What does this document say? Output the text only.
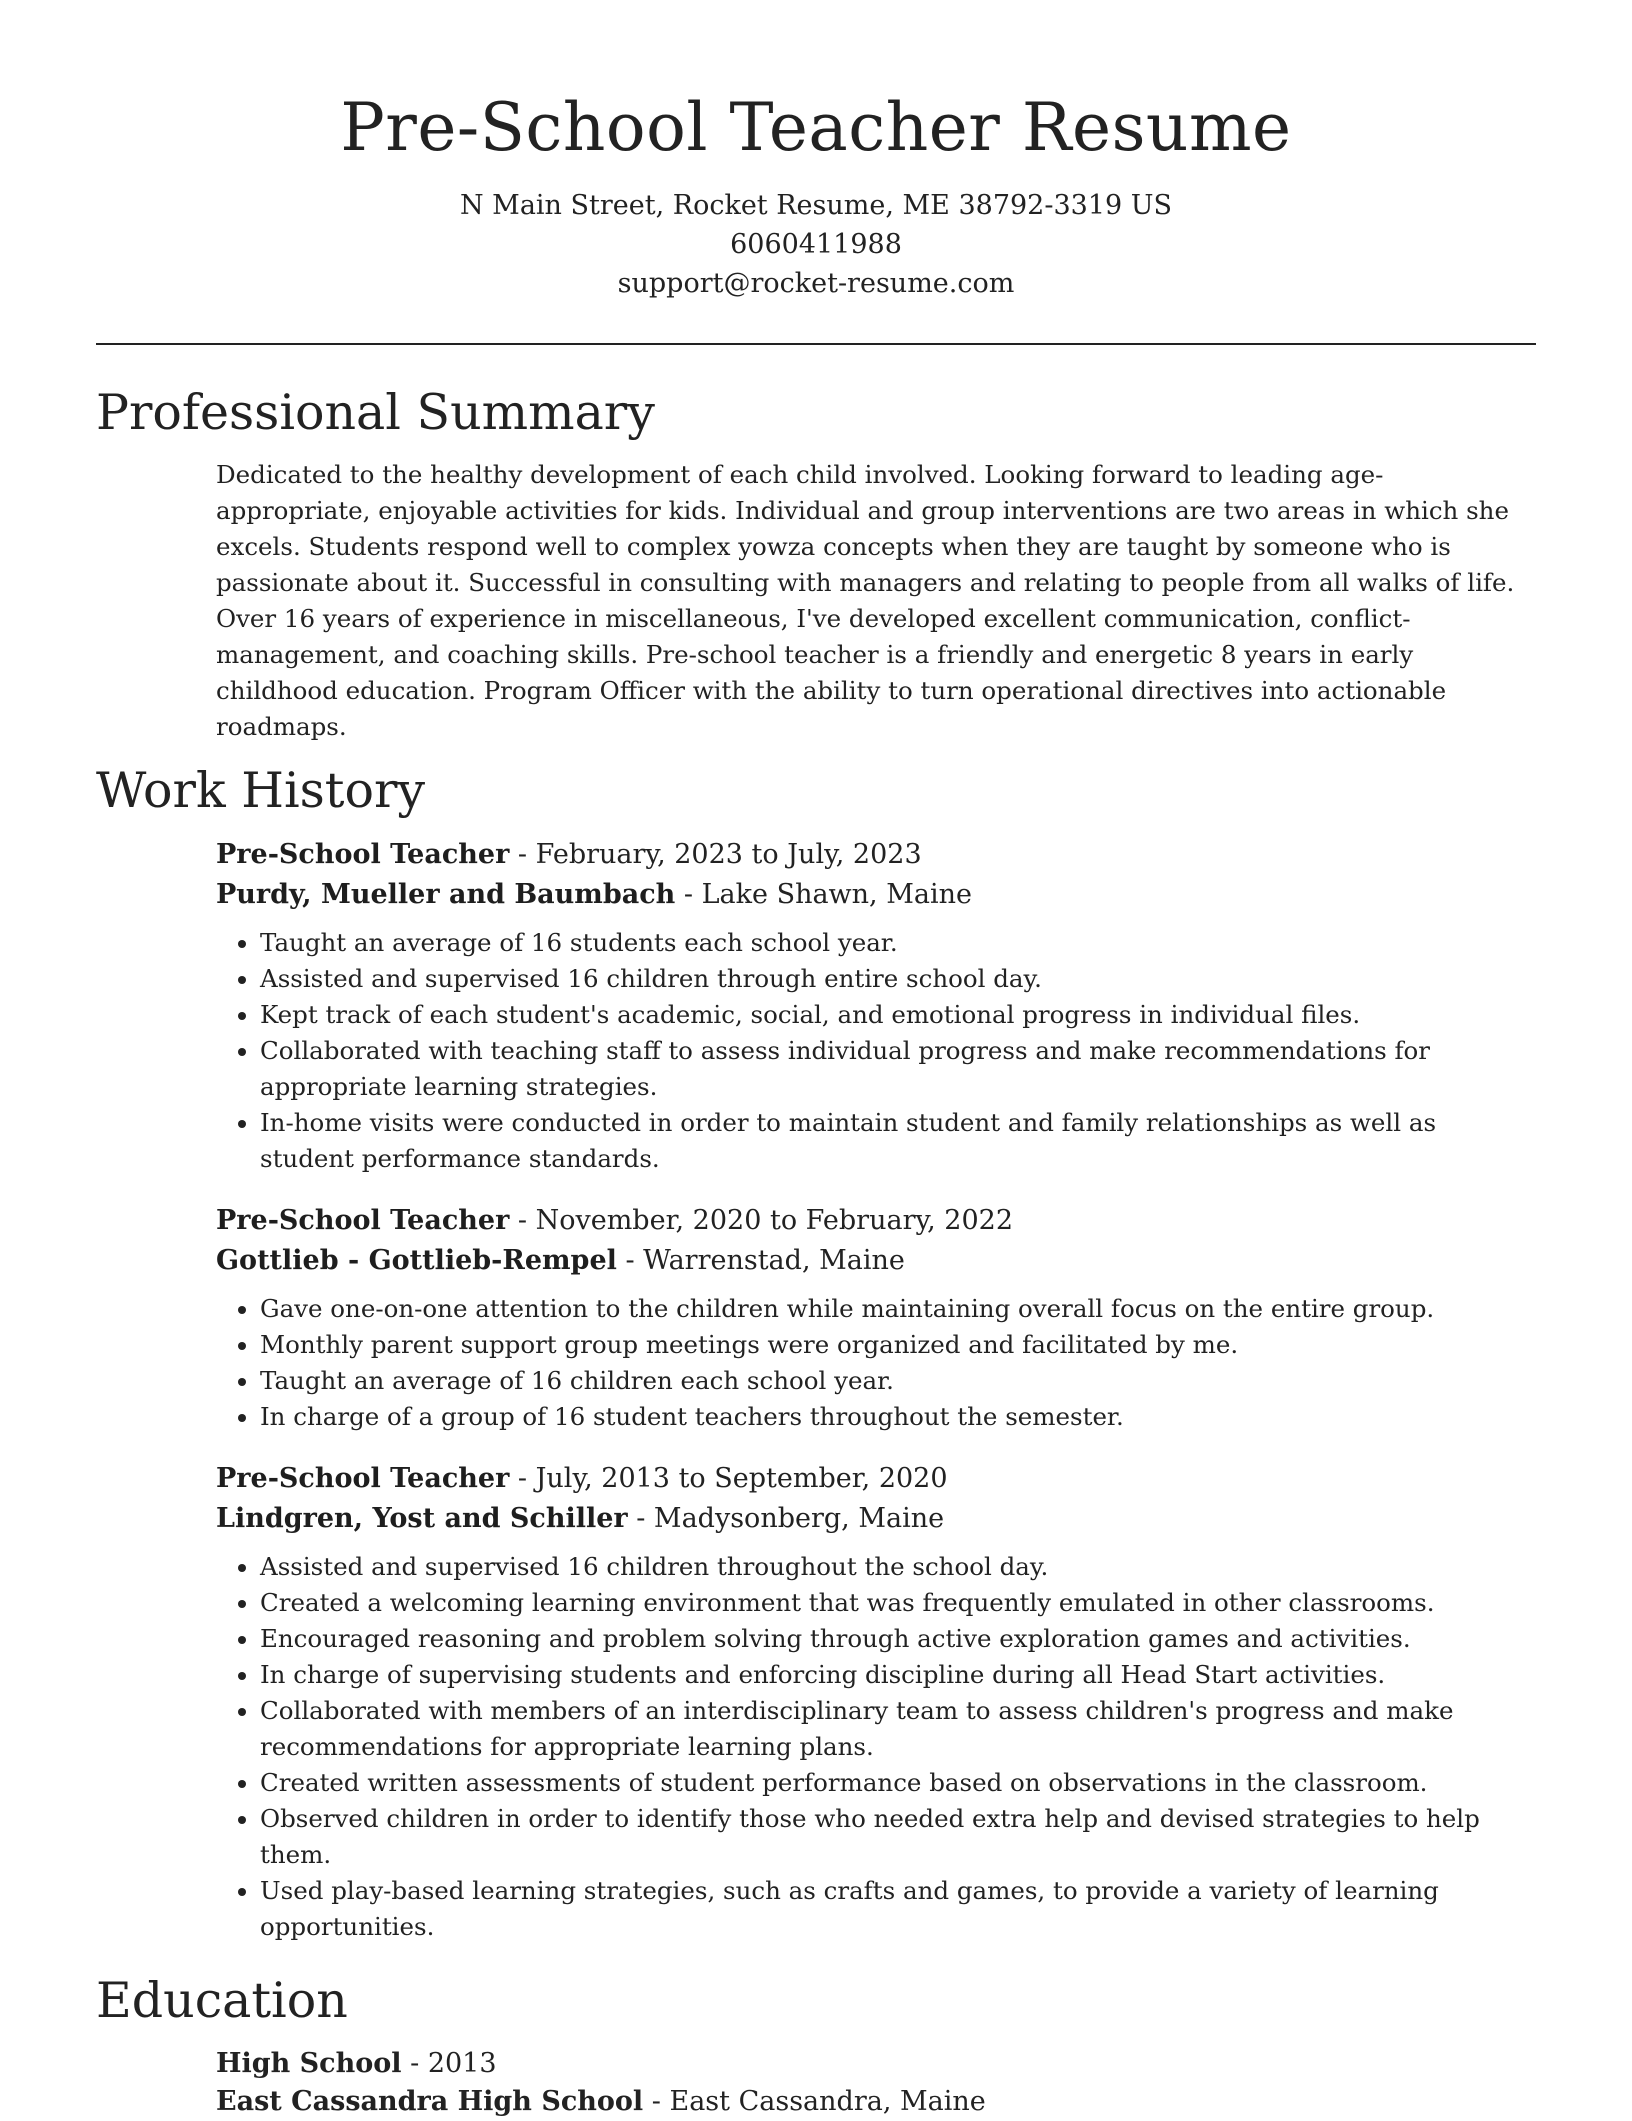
Pre-School Teacher Resume

N Main Street, Rocket Resume, ME 38792-3319 US

6060411988

support@rocket-resume.com

Professional Summary

Dedicated to the healthy development of each child involved. Looking forward to leading age-appropriate, enjoyable activities for kids. Individual and group interventions are two areas in which she excels. Students respond well to complex yowza concepts when they are taught by someone who is passionate about it. Successful in consulting with managers and relating to people from all walks of life. Over 16 years of experience in miscellaneous, I've developed excellent communication, conflict-management, and coaching skills. Pre-school teacher is a friendly and energetic 8 years in early childhood education. Program Officer with the ability to turn operational directives into actionable roadmaps.

Work History

Pre-School Teacher - February, 2023 to July, 2023

Purdy, Mueller and Baumbach - Lake Shawn, Maine

• Taught an average of 16 students each school year.
• Assisted and supervised 16 children through entire school day.
• Kept track of each student's academic, social, and emotional progress in individual files.
• Collaborated with teaching staff to assess individual progress and make recommendations for appropriate learning strategies.
• In-home visits were conducted in order to maintain student and family relationships as well as student performance standards.

Pre-School Teacher - November, 2020 to February, 2022

Gottlieb - Gottlieb-Rempel - Warrenstad, Maine

• Gave one-on-one attention to the children while maintaining overall focus on the entire group.
• Monthly parent support group meetings were organized and facilitated by me.
• Taught an average of 16 children each school year.
• In charge of a group of 16 student teachers throughout the semester.

Pre-School Teacher - July, 2013 to September, 2020

Lindgren, Yost and Schiller - Madysonberg, Maine

• Assisted and supervised 16 children throughout the school day.
• Created a welcoming learning environment that was frequently emulated in other classrooms.
• Encouraged reasoning and problem solving through active exploration games and activities.
• In charge of supervising students and enforcing discipline during all Head Start activities.
• Collaborated with members of an interdisciplinary team to assess children's progress and make recommendations for appropriate learning plans.
• Created written assessments of student performance based on observations in the classroom.
• Observed children in order to identify those who needed extra help and devised strategies to help them.
• Used play-based learning strategies, such as crafts and games, to provide a variety of learning opportunities.
Education

High School - 2013

East Cassandra High School - East Cassandra, Maine
